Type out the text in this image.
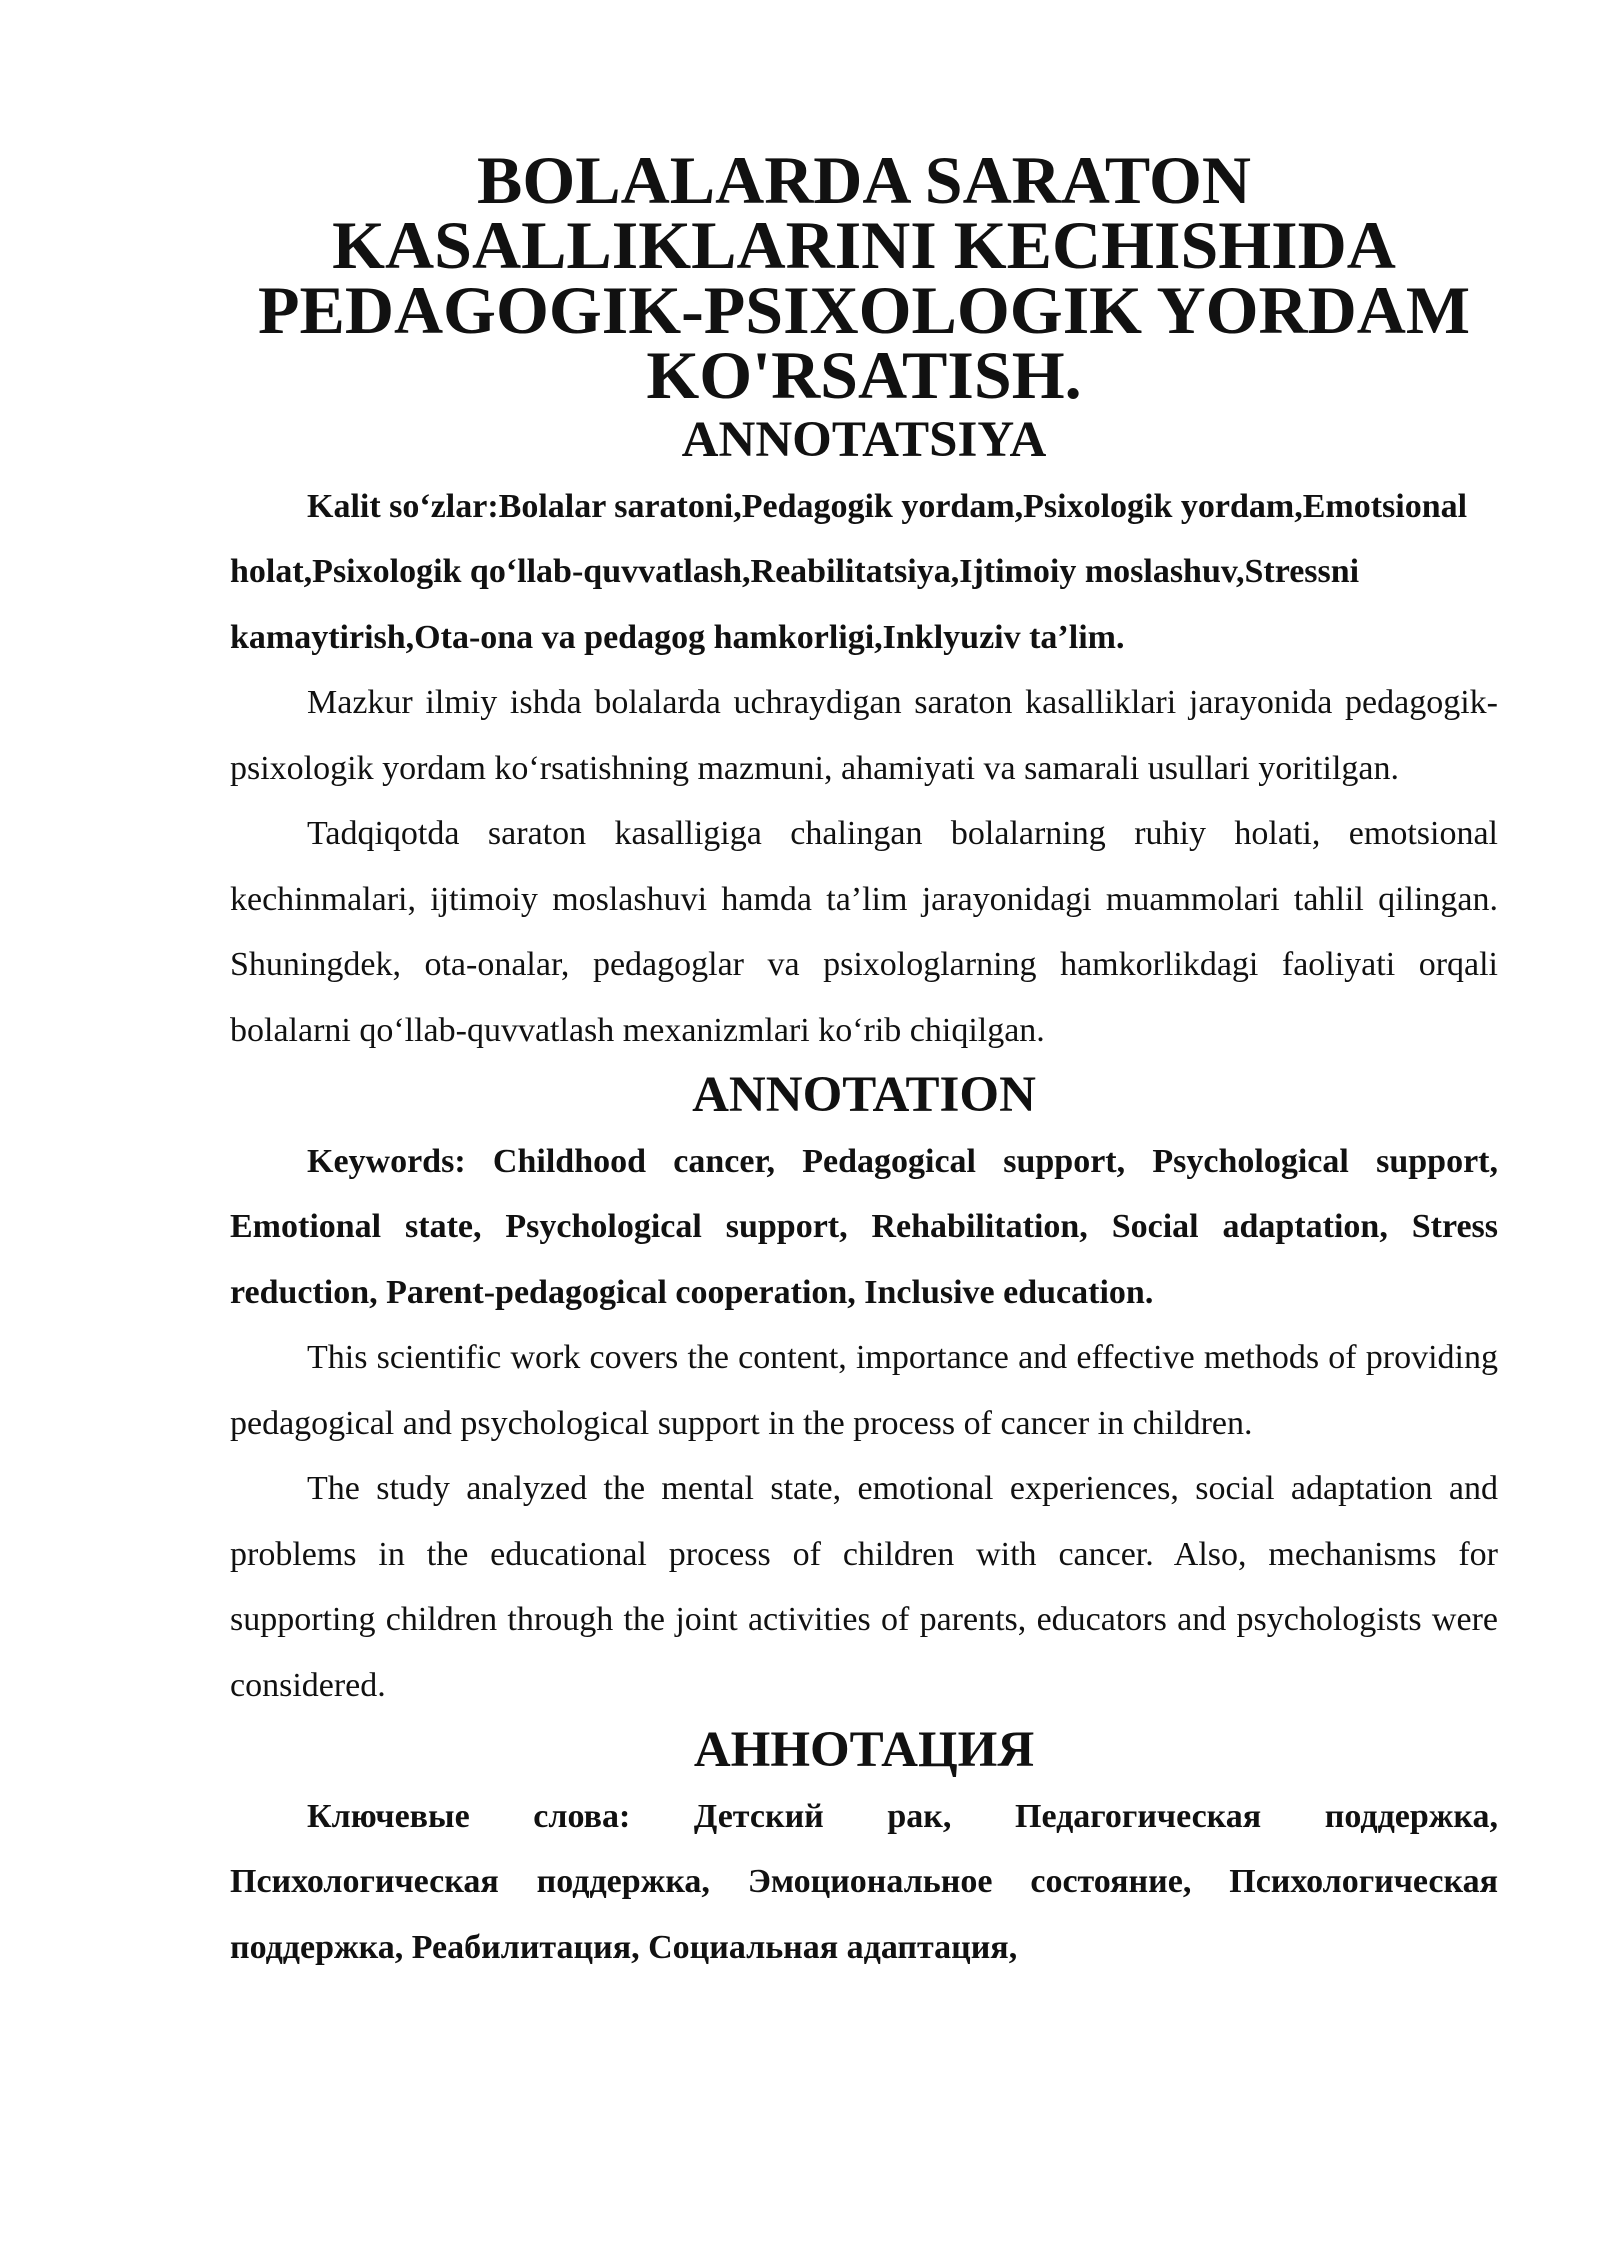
BOLALARDA SARATON KASALLIKLARINI KECHISHIDA
PEDAGOGIK-PSIXOLOGIK YORDAM KO'RSATISH.
ANNOTATSIYA

Kalit so‘zlar:Bolalar saratoni,Pedagogik yordam,Psixologik yordam,Emotsional holat,Psixologik qo‘llab-quvvatlash,Reabilitatsiya,Ijtimoiy moslashuv,Stressni kamaytirish,Ota-ona va pedagog hamkorligi,Inklyuziv ta’lim.

Mazkur ilmiy ishda bolalarda uchraydigan saraton kasalliklari jarayonida pedagogik-psixologik yordam ko‘rsatishning mazmuni, ahamiyati va samarali usullari yoritilgan.

Tadqiqotda saraton kasalligiga chalingan bolalarning ruhiy holati, emotsional kechinmalari, ijtimoiy moslashuvi hamda ta’lim jarayonidagi muammolari tahlil qilingan. Shuningdek, ota-onalar, pedagoglar va psixologlarning hamkorlikdagi faoliyati orqali bolalarni qo‘llab-quvvatlash mexanizmlari ko‘rib chiqilgan.

ANNOTATION

Keywords: Childhood cancer, Pedagogical support, Psychological support, Emotional state, Psychological support, Rehabilitation, Social adaptation, Stress reduction, Parent-pedagogical cooperation, Inclusive education.

This scientific work covers the content, importance and effective methods of providing pedagogical and psychological support in the process of cancer in children.

The study analyzed the mental state, emotional experiences, social adaptation and problems in the educational process of children with cancer. Also, mechanisms for supporting children through the joint activities of parents, educators and psychologists were considered.

АННОТАЦИЯ

Ключевые слова: Детский рак, Педагогическая поддержка, Психологическая поддержка, Эмоциональное состояние, Психологическая поддержка, Реабилитация, Социальная адаптация,
